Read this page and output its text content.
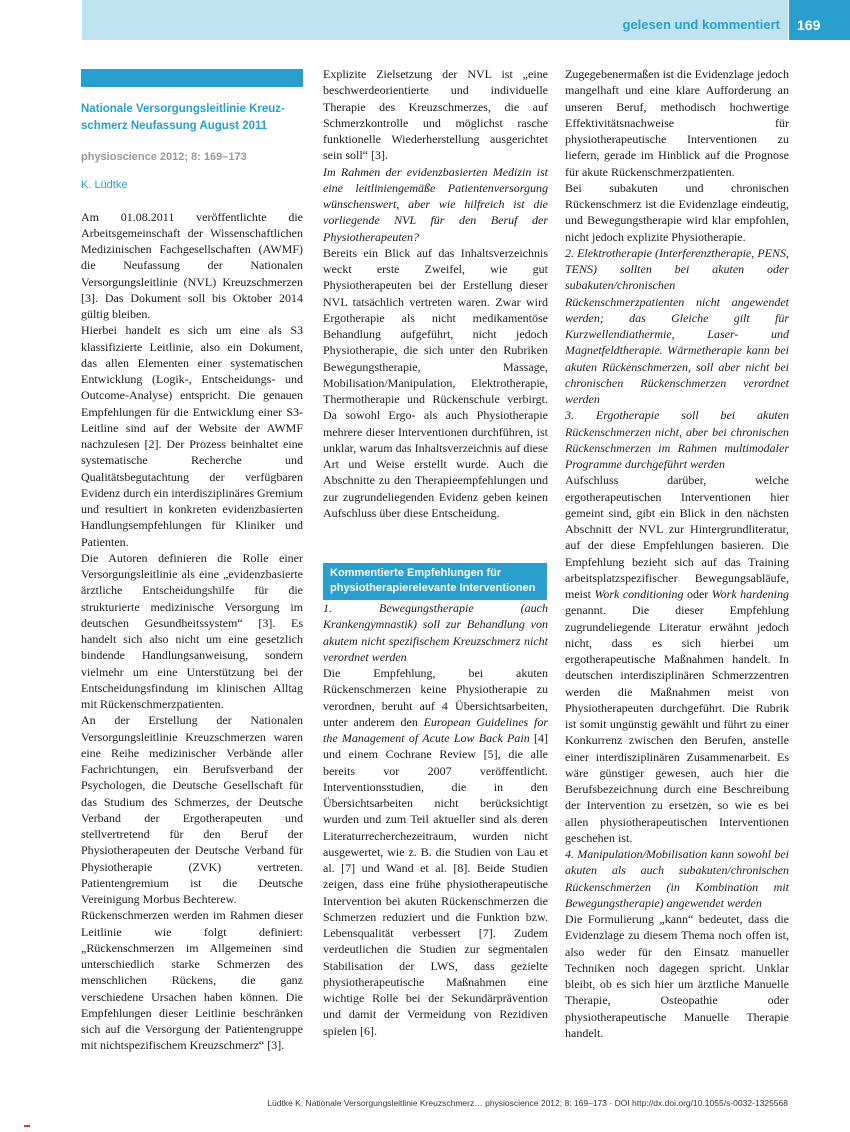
gelesen und kommentiert 169
Nationale Versorgungsleitlinie Kreuz-schmerz Neufassung August 2011
physioscience 2012; 8: 169–173
K. Lüdtke

Am 01.08.2011 veröffentlichte die Arbeitsgemeinschaft der Wissenschaftlichen Medizinischen Fachgesellschaften (AWMF) die Neufassung der Nationalen Versorgungsleitlinie (NVL) Kreuzschmerzen [3]. Das Dokument soll bis Oktober 2014 gültig bleiben.

Hierbei handelt es sich um eine als S3 klassifizierte Leitlinie, also ein Dokument, das allen Elementen einer systematischen Entwicklung (Logik-, Entscheidungs- und Outcome-Analyse) entspricht. Die genauen Empfehlungen für die Entwicklung einer S3-Leitline sind auf der Website der AWMF nachzulesen [2]. Der Prozess beinhaltet eine systematische Recherche und Qualitätsbegutachtung der verfügbaren Evidenz durch ein interdisziplinäres Gremium und resultiert in konkreten evidenzbasierten Handlungsempfehlungen für Kliniker und Patienten.

Die Autoren definieren die Rolle einer Versorgungsleitlinie als eine „evidenzbasierte ärztliche Entscheidungshilfe für die strukturierte medizinische Versorgung im deutschen Gesundheitssystem“ [3]. Es handelt sich also nicht um eine gesetzlich bindende Handlungsanweisung, sondern vielmehr um eine Unterstützung bei der Entscheidungsfindung im klinischen Alltag mit Rückenschmerzpatienten.

An der Erstellung der Nationalen Versorgungsleitlinie Kreuzschmerzen waren eine Reihe medizinischer Verbände aller Fachrichtungen, ein Berufsverband der Psychologen, die Deutsche Gesellschaft für das Studium des Schmerzes, der Deutsche Verband der Ergotherapeuten und stellvertretend für den Beruf der Physiotherapeuten der Deutsche Verband für Physiotherapie (ZVK) vertreten. Patientengremium ist die Deutsche Vereinigung Morbus Bechterew.

Rückenschmerzen werden im Rahmen dieser Leitlinie wie folgt definiert: „Rückenschmerzen im Allgemeinen sind unterschiedlich starke Schmerzen des menschlichen Rückens, die ganz verschiedene Ursachen haben können. Die Empfehlungen dieser Leitlinie beschränken sich auf die Versorgung der Patientengruppe mit nichtspezifischem Kreuzschmerz“ [3].

Explizite Zielsetzung der NVL ist „eine beschwerdeorientierte und individuelle Therapie des Kreuzschmerzes, die auf Schmerzkontrolle und möglichst rasche funktionelle Wiederherstellung ausgerichtet sein soll“ [3].

Im Rahmen der evidenzbasierten Medizin ist eine leitliniengemäße Patientenversorgung wünschenswert, aber wie hilfreich ist die vorliegende NVL für den Beruf der Physiotherapeuten?

Bereits ein Blick auf das Inhaltsverzeichnis weckt erste Zweifel, wie gut Physiotherapeuten bei der Erstellung dieser NVL tatsächlich vertreten waren. Zwar wird Ergotherapie als nicht medikamentöse Behandlung aufgeführt, nicht jedoch Physiotherapie, die sich unter den Rubriken Bewegungstherapie, Massage, Mobilisation/Manipulation, Elektrotherapie, Thermotherapie und Rückenschule verbirgt. Da sowohl Ergo- als auch Physiotherapie mehrere dieser Interventionen durchführen, ist unklar, warum das Inhaltsverzeichnis auf diese Art und Weise erstellt wurde. Auch die Abschnitte zu den Therapieempfehlungen und zur zugrundeliegenden Evidenz geben keinen Aufschluss über diese Entscheidung.

Kommentierte Empfehlungen für physiotherapierelevante Interventionen

1. Bewegungstherapie (auch Krankengymnastik) soll zur Behandlung von akutem nicht spezifischem Kreuzschmerz nicht verordnet werden

Die Empfehlung, bei akuten Rückenschmerzen keine Physiotherapie zu verordnen, beruht auf 4 Übersichtsarbeiten, unter anderem den European Guidelines for the Management of Acute Low Back Pain [4] und einem Cochrane Review [5], die alle bereits vor 2007 veröffentlicht. Interventionsstudien, die in den Übersichtsarbeiten nicht berücksichtigt wurden und zum Teil aktueller sind als deren Literaturrecherchezeitraum, wurden nicht ausgewertet, wie z. B. die Studien von Lau et al. [7] und Wand et al. [8]. Beide Studien zeigen, dass eine frühe physiotherapeutische Intervention bei akuten Rückenschmerzen die Schmerzen reduziert und die Funktion bzw. Lebensqualität verbessert [7]. Zudem verdeutlichen die Studien zur segmentalen Stabilisation der LWS, dass gezielte physiotherapeutische Maßnahmen eine wichtige Rolle bei der Sekundärprävention und damit der Vermeidung von Rezidiven spielen [6].

Zugegebenermaßen ist die Evidenzlage jedoch mangelhaft und eine klare Aufforderung an unseren Beruf, methodisch hochwertige Effektivitätsnachweise für physiotherapeutische Interventionen zu liefern, gerade im Hinblick auf die Prognose für akute Rückenschmerzpatienten.

Bei subakuten und chronischen Rückenschmerz ist die Evidenzlage eindeutig, und Bewegungstherapie wird klar empfohlen, nicht jedoch explizite Physiotherapie.

2. Elektrotherapie (Interferenztherapie, PENS, TENS) sollten bei akuten oder subakuten/chronischen Rückenschmerzpatienten nicht angewendet werden; das Gleiche gilt für Kurzwellendiathermie, Laser- und Magnetfeldtherapie. Wärmetherapie kann bei akuten Rückenschmerzen, soll aber nicht bei chronischen Rückenschmerzen verordnet werden

3. Ergotherapie soll bei akuten Rückenschmerzen nicht, aber bei chronischen Rückenschmerzen im Rahmen multimodaler Programme durchgeführt werden

Aufschluss darüber, welche ergotherapeutischen Interventionen hier gemeint sind, gibt ein Blick in den nächsten Abschnitt der NVL zur Hintergrundliteratur, auf der diese Empfehlungen basieren. Die Empfehlung bezieht sich auf das Training arbeitsplatzspezifischer Bewegungsabläufe, meist Work conditioning oder Work hardening genannt. Die dieser Empfehlung zugrundeliegende Literatur erwähnt jedoch nicht, dass es sich hierbei um ergotherapeutische Maßnahmen handelt. In deutschen interdisziplinären Schmerzzentren werden die Maßnahmen meist von Physiotherapeuten durchgeführt. Die Rubrik ist somit ungünstig gewählt und führt zu einer Konkurrenz zwischen den Berufen, anstelle einer interdisziplinären Zusammenarbeit. Es wäre günstiger gewesen, auch hier die Berufsbezeichnung durch eine Beschreibung der Intervention zu ersetzen, so wie es bei allen physiotherapeutischen Interventionen geschehen ist.

4. Manipulation/Mobilisation kann sowohl bei akuten als auch subakuten/chronischen Rückenschmerzen (in Kombination mit Bewegungstherapie) angewendet werden

Die Formulierung „kann“ bedeutet, dass die Evidenzlage zu diesem Thema noch offen ist, also weder für den Einsatz manueller Techniken noch dagegen spricht. Unklar bleibt, ob es sich hier um ärztliche Manuelle Therapie, Osteopathie oder physiotherapeutische Manuelle Therapie handelt.

Lüdtke K. Nationale Versorgungsleitlinie Kreuzschmerz… physioscience 2012; 8: 169–173 · DOI http://dx.doi.org/10.1055/s-0032-1325568
